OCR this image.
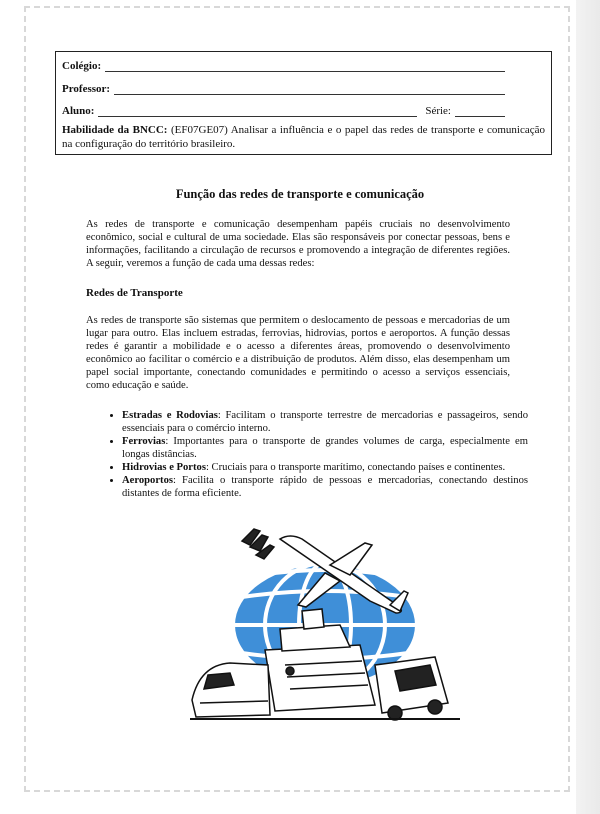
Colégio:
Professor:
Aluno:	Série:
Habilidade da BNCC: (EF07GE07) Analisar a influência e o papel das redes de transporte e comunicação na configuração do território brasileiro.
Função das redes de transporte e comunicação
As redes de transporte e comunicação desempenham papéis cruciais no desenvolvimento econômico, social e cultural de uma sociedade. Elas são responsáveis por conectar pessoas, bens e informações, facilitando a circulação de recursos e promovendo a integração de diferentes regiões. A seguir, veremos a função de cada uma dessas redes:
Redes de Transporte
As redes de transporte são sistemas que permitem o deslocamento de pessoas e mercadorias de um lugar para outro. Elas incluem estradas, ferrovias, hidrovias, portos e aeroportos. A função dessas redes é garantir a mobilidade e o acesso a diferentes áreas, promovendo o desenvolvimento econômico ao facilitar o comércio e a distribuição de produtos. Além disso, elas desempenham um papel social importante, conectando comunidades e permitindo o acesso a serviços essenciais, como educação e saúde.
• Estradas e Rodovias: Facilitam o transporte terrestre de mercadorias e passageiros, sendo essenciais para o comércio interno.
• Ferrovias: Importantes para o transporte de grandes volumes de carga, especialmente em longas distâncias.
• Hidrovias e Portos: Cruciais para o transporte marítimo, conectando países e continentes.
• Aeroportos: Facilita o transporte rápido de pessoas e mercadorias, conectando destinos distantes de forma eficiente.
